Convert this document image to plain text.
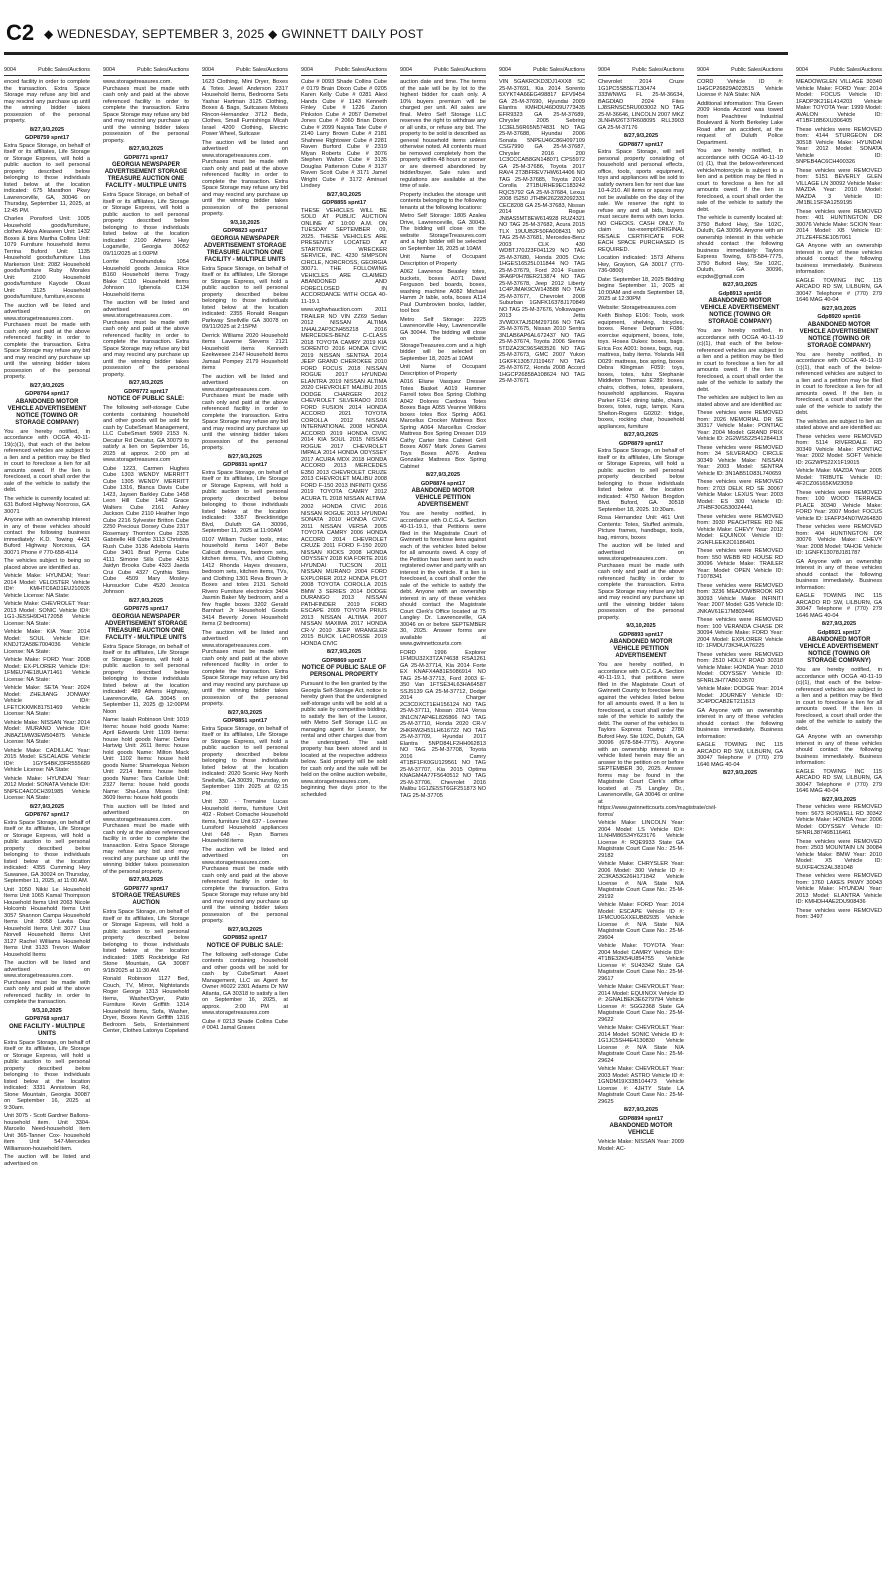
C2 ◆ WEDNESDAY, SEPTEMBER 3, 2025 ◆ GWINNETT DAILY POST
9004	Public Sales/Auctions
enced facility in order to complete the transaction. Extra Space Storage may refuse any bid and may rescind any purchase up until the winning bidder takes possession of the personal property.
8/27,9/3,2025
GDP8759 spnt17
Extra Space Storage, on behalf of itself or its affiliates, Life Storage or Storage Express, will hold a public auction to sell personal property described below belonging to those individuals listed below at the location indicated: 675 Marathon Pkwy Lawrenceville, GA, 30046 on Thursday, September 11, 2025, at 12:45 PM.
Charles Ponsford Unit: 1005 Household goods/furniture, clothes Akiya Aleaseen Unit: 1432 Boxes & bins Martha Collins Unit: 1079 Furniture household items Terrina Buford Unit: 1135 Household goods/furniture Lisa Markerson Unit: 2082 Household goods/furniture Ruby Morales Unit: 2100 Household goods/furniture Kayode Okusi Unit: 3125 Household goods/furniture, furniture,excess
The auction will be listed and advertised on www.storagetreasures.com. Purchases must be made with cash only and paid at the above referenced facility in order to complete the transaction. Extra Space Storage may refuse any bid and may rescind any purchase up until the winning bidder takes possession of the personal property.
8/27,9/3,2025
GDP8764 spnt17
ABANDONED MOTOR VEHICLE ADVERTISEMENT NOTICE (TOWING OR STORAGE COMPANY)
You are hereby notified, in accordance with OCGA 40-11-19(c)(1), that each of the below referenced vehicles are subject to a lien and a petition may be filed in court to foreclose a lien for all amounts owed. If the lien is foreclosed, a court shall order the sale of the vehicle to satisfy the debt.
The vehicle is currently located at: 631 Buford Highway Norcross, GA 30071
Anyone with an ownership interest in any of these vehicles should contact the following business immediately: K.D. Towing 4431 Buford Highway Norcross, GA 30071 Phone # 770-658-4114
The vehicles subject to being so placed above are identified as.
Vehicle Make: HYUNDAI; Year: 2014 Model: VELOSTER Vehicle ID#: KMHTC6AD1EU210935 Vehicle License: NA State:
Vehicle Make: CHEVROLET Year: 2013 Model: SONIC Vehicle ID#: 1G1-JE5SH9D4172058 Vehicle License: NA State:
Vehicle Make: KIA Year: 2014 Model: SOUL Vehicle ID#: KNDJT2A58E7004036 Vehicle License: NA State:
Vehicle Make: FORD Year: 2008 Model: EX-PLORER Vehicle ID#: 1FMEU74E18UA71461 Vehicle License: NA State:
Vehicle Make: SETA Year: 2024 Model: ZHEJIANG JONWAY Vehicle ID#: LFETCKKMK81751469 Vehicle License: NA State:
Vehicle Make: NISSAN Year: 2014 Model: MURANO Vehicle ID#: JN8AZ1MW3EW504875 Vehicle License: NA State:
Vehicle Make: CADILLAC Year: 2015 Model: ESCALADE Vehicle ID#: 1GYS4BKJ3FR555689 Vehicle License: NA State:
Vehicle Make: HYUNDAI Year: 2012 Model: SONATA Vehicle ID#: 5NPEC4AC0CH391985 Vehicle License: NA State:
8/27,9/3,2025
GDP8767 spnt17
Extra Space Storage, on behalf of itself or its affiliates, Life Storage or Storage Express, will hold a public auction to sell personal property described below belonging to those individuals listed below at the location indicated: 4355 Cumming Hwy Suwanee, GA 30024 on Thursday, September 11, 2025, at 11:00 AM.
Unit 1050 Nikki Le Household Items Unit 1065 Kamal Thompson Household Items Unit 2063 Nicole Holcomb Household Items Unit 3057 Shannon Campa Household Items Unit 3058 Lavita Diaz Household Items Unit 3077 Lisa Norvell Household Items Unit 3127 Rachel Williams Household Items Unit 3133 Trevon Walker Household Items
The auction will be listed and advertised on www.storagetreasures.com. Purchases must be made with cash only and paid at the above referenced facility in order to complete the transaction.
9/3,10,2025
GDP8768 spnt17
ONE FACILITY - MULTIPLE UNITS
Extra Space Storage, on behalf of itself or its affiliates, Life Storage or Storage Express, will hold a public auction to sell personal property described below belonging to those individuals listed below at the location indicated: 3331 Annistown Rd, Stone Mountain, Georgia 30087 on September 16, 2025 at 9:30am.
Unit 3075 - Scott Gardner Ballons-household item. Unit 3304- Marcelio Need-household item Unit 365-Tanner Cox- household item Unit 547-Mercedes Williamson-household item.
The auction will be listed and advertised on
9004	Public Sales/Auctions
www.storagetreasures.com. Purchases must be made with cash only and paid at the above referenced facility in order to complete the transaction. Extra Space Storage may refuse any bid and may rescind any purchase up until the winning bidder takes possession of the personal property.
8/27,9/3,2025
GDP8771 spnt17
GEORGIA NEWSPAPER ADVERTISEMENT STORAGE TREASURE AUCTION ONE FACILITY - MULTIPLE UNITS
Extra Space Storage, on behalf of itself or its affiliates, Life Storage or Storage Express, will hold a public auction to sell personal property described below belonging to those individuals listed below at the location indicated: 2100 Athens Hwy Loganville, Georgia 30052 09/11/2025 at 1:00PM
Lorrite Chowhunduku 1054 Household goods Jessica Rice B160 Household items Tragy Blake C110 Household items Johnson Igbenola C134 Household items
The auction will be listed and advertised on www.storagetreasures.com. Purchases must be made with cash only and paid at the above referenced facility in order to complete the transaction. Extra Space Storage may refuse any bid and may rescind any purchase up until the winning bidder takes possession of the personal property.
8/27,9/3,2025
GDP8772 spnt17
NOTICE OF PUBLIC SALE:
The following self-storage Cube contents containing household and other goods will be sold for cash by CubeSmart Management, LLC CubeSmart 5969 2153 N. Decatur Rd Decatur, GA 30079 to satisfy a lien on September 16, 2025 at approx. 2:00 pm at www.storagetreasures.com
Cube 1223, Carmen Hughes Cube 1303 WENDY MERRITT Cube 1305 WENDY MERRITT Cube 1316, Blanca Davis Cube 1423, Jaysen Barkley Cube 1458 Leon Hill Cube 1462 Grace Walters Cube 2161 Ashley Jackson Cube 2110 Heather Ingo Cube 2216 Sylvester Britton Cube 2250 Precious Dorsey Cube 2317 Rosemary Thornton Cube 2335 Gabrielle Hill Cube 3113 Christina Rush Cube 3136 Adebola Harris Cube 3401 Brad Pyrma Cube 4111 Simone Sills Cube 4315 Jaidyn Brooks Cube 4323 Jaeda Crui Cube 4327 Cynthia Sims Cube 4509 Mary Mosley-Hunsucker Cube 4520 Jessica Johnson
8/27,9/3,2025
GDP8775 spnt17
GEORGIA NEWSPAPER ADVERTISEMENT STORAGE TREASURE AUCTION ONE FACILITY - MULTIPLE UNITS
Extra Space Storage, on behalf of itself or its affiliates, Life Storage or Storage Express, will hold a public auction to sell personal property described below belonging to those individuals listed below at the location indicated: 489 Athens Highway, Lawrenceville, GA 30045 on September 11, 2025 @ 12:00PM Noon
Name: Isaiah Robinson Unit: 1019 Items: house hold goods Name: April Edwards Unit: 1109 Items: house hold goods Name: Debra Hartwig Unit: 2611 Items: house hold goods Name: Milton Mack Unit: 1102 Items: house hold goods Name: Shamekqua Nelson Unit: 2214 Items: house hold goods Name: Tara Carlisle Unit: 2327 Items: house hold goods Name: Sha-Lena Moses Unit: 3609 Items: house hold goods
This auction will be listed and advertised on www.storagetreasures.com. Purchases must be made with cash only at the above referenced facility in order to complete the transaction. Extra Space Storage may refuse any bid and may rescind any purchase up until the winning bidder takes possession of the personal property.
8/27,9/3,2025
GDP8777 spnt17
STORAGE TREASURES AUCTION
Extra Space Storage, on behalf of itself or its affiliates, Life Storage or Storage Express, will hold a public auction to sell personal property described below belonging to those individuals listed below at the location indicated: 1985 Rockbridge Rd Stone Mountain, GA 30087 9/18/2025 at 11:30 AM.
Ronald Robinson 1127 Bed, Couch, TV, Mirror, Nightstands Roger George 1313 Household Items, Washer/Dryer, Patio Furniture Kevin Griffith 1314 Household Items, Sofa, Washer, Dryer, Boxes Kevin Griffith 1316 Bedroom Sets, Entertainment Center, Clothes Latonya Copeland
9004	Public Sales/Auctions
1623 Clothing, Mini Dryer, Boxes & Totes Jewel Anderson 2317 Household Items, Bedrooms Sets Yashar Hartman 3125 Clothing, Boxes & Bags, Suitcases Moises Rincon-Hernandez 3712 Beds, Clothes, Small Furnishings Micah Israel 4200 Clothing, Electric Power Wheel, Suitcase
The auction will be listed and advertised on www.storagetreasures.com. Purchases must be made with cash only and paid at the above referenced facility in order to complete the transaction. Extra Space Storage may refuse any bid and may rescind any purchase up until the winning bidder takes possession of the personal property.
9/3,10,2025
GDP8823 spnt17
GEORGIA NEWSPAPER ADVERTISEMENT STORAGE TREASURE AUCTION ONE FACILITY - MULTIPLE UNITS
Extra Space Storage, on behalf of itself or its affiliates, Life Storage or Storage Express, will hold a public auction to sell personal property described below belonging to those individuals listed below at the location indicated: 2355 Ronald Reagan Parkway Snellville GA 30078 on 09/11/2025 at 2:15PM
Derrick Williams 2020 Household items Laverne Stevens 2121 Household items Kenneth Ezekwesee 2147 Household items Jamaal Pompey 2179 Household items
The auction will be listed and advertised on www.storagetreasures.com. Purchases must be made with cash only and paid at the above referenced facility in order to complete the transaction. Extra Space Storage may refuse any bid and may rescind any purchase up until the winning bidder takes possession of the personal property.
8/27,9/3,2025
GDP8831 spnt17
Extra Space Storage, on behalf of itself or its affiliates, Life Storage or Storage Express, will hold a public auction to sell personal property described below belonging to those individuals listed below at the location indicated: 3357 Brecktinridge Blvd, Duluth GA 30096, September 11, 2025 at 11:00AM
0107 William Tucker tools, misc household items 1407 Bebe Calicutt dressers, bedroom sets, kitchen items, TVs, and Clothing 1412 Rhonda Hayes dressers, bedroom sets, kitchen items, TVs, and Clothing 1301 Reva Brown Jr Boxes and totes 2131 Schold Rivero Furniture electronics 3404 Jasmin Baker My bedroom, and a few fragile boxes 3202 Gerald Barnhart Jr Household Goods 3414 Beverly Jones Household items (2 bedrooms)
The auction will be listed and advertised on www.storagetreasures.com. Purchases must be made with cash only and paid at the above referenced facility in order to complete the transaction. Extra Space Storage may refuse any bid and may rescind any purchase up until the winning bidder takes possession of the personal property.
8/27,9/3,2025
GDP8851 spnt17
Extra Space Storage, on behalf of itself or its affiliates, Life Storage or Storage Express, will hold a public auction to sell personal property described below belonging to those individuals listed below at the location indicated: 2020 Scenic Hwy North Snellville, GA 30039, Thursday, on September 11th 2025 at 02:15 PM.
Unit 330 - Tremaine Lucas Household items, furniture Unit 402 - Robert Comache Household items, furniture Unit 637 - Lovenee Lunsford Household appliances Unit 648 - Ryan Barnes Household items
The auction will be listed and advertised on www.storagetreasures.com. Purchases must be made with cash only and paid at the above referenced facility in order to complete the transaction. Extra Space Storage may refuse any bid and may rescind any purchase up until the winning bidder takes possession of the personal property.
8/27,9/3,2025
GDP8852 spnt17
NOTICE OF PUBLIC SALE:
The following self-storage Cube contents containing household and other goods will be sold for cash by CubeSmart Asset Management, LLC as Agent for Owner #6022 2301 Adams Dr NW Atlanta, GA 30318 to satisfy a lien on September 16, 2025, at approx. 2:00 PM at www.storagetreasures.com
Cube # 0213 Shade Collins Cube # 0041 Jamal Graves
9004	Public Sales/Auctions
Cube # 0093 Shade Collins Cube # 0179 Brain Dixon Cube # 0205 Karen Kelly Cube # 0281 Alexi Hands Cube # 1143 Kenneth Finley Cube # 1226 Zarion Pinkston Cube # 2057 Demetrel Jones Cube # 2060 Brian Dixon Cube # 2099 Naysia Tate Cube # 2140 Larry Brown Cube # 2181 Shahnee Rightower Cube # 2281 Raven Burford Cube # 2319 Miyan Roberts Cube # 3076 Stephen Walton Cube # 3135 Douglas Patterson Cube # 3137 Raven Scott Cube # 3171 Jamel Wright Cube # 3172 Aminuel Lindsey
8/27,9/3,2025
GDP8855 spnt17
THESE VEHICLES WILL BE SOLD AT PUBLIC AUCTION ONLINE AT 10:00 A.M. ON TUESDAY SEPTEMBER 09, 2025. THESE VEHICLES ARE PRESENTLY LOCATED AT STARTOWE WRECKER SERVICE, INC. 4230 SIMPSON CIRCLE, NORCROSS, GEORGIA 30071. THE FOLLOWING VEHICLES ARE CLAIMED ABANDONED AND FORECLOSED IN ACCORDANCE WITH OCGA 40-11-19.1
www.wghwhauction.com 2011 TRAILER NO VIN ZZ69 Sedan 2012 NISSAN ALTIMA 1N4AL2AP3CN455218 2016 MERCEDES-BENZ C-CLASS 2018 TOYOTA CAMRY 2019 KIA SORENTO 2016 HONDA CIVIC 2019 NISSAN SENTRA 2014 JEEP GRAND CHEROKEE 2010 FORD FOCUS 2018 NISSAN ROGUE 2017 HYUNDAI ELANTRA 2019 NISSAN ALTIMA 2020 CHEVROLET MALIBU 2015 DODGE CHARGER 2012 CHEVROLET SILVERADO 2016 FORD FUSION 2014 HONDA ACCORD 2021 TOYOTA COROLLA 2012 NISSAN INTERNATIONAL 2008 HONDA ACCORD 2019 HONDA CIVIC 2014 KIA SOUL 2015 NISSAN ROGUE 2017 CHEVROLET IMPALA 2014 HONDA ODYSSEY 2017 ACURA MDX 2018 HONDA ACCORD 2013 MERCEDES E350 2013 CHEVROLET CRUZE 2013 CHEVROLET MALIBU 2008 FORD F-150 2013 INFINITI QX56 2019 TOYOTA CAMRY 2012 ACURA TL 2018 NISSAN ALTIMA
2002 HONDA CIVIC 2016 NISSAN ROGUE 2013 HYUNDAI SONATA 2010 HONDA CIVIC 2011 NISSAN VERSA 2005 TOYOTA CAMRY 2006 HONDA ACCORD 2014 CHEVROLET CRUZE 2011 FORD F-150 2020 NISSAN KICKS 2008 HONDA ODYSSEY 2018 KIA FORTE 2016 HYUNDAI TUCSON 2011 NISSAN MURANO 2004 FORD EXPLORER 2012 HONDA PILOT 2008 TOYOTA COROLLA 2015 BMW 3 SERIES 2014 DODGE DURANGO 2013 NISSAN PATHFINDER 2019 FORD ESCAPE 2009 TOYOTA PRIUS 2013 NISSAN ALTIMA 2007 NISSAN MAXIMA 2017 HONDA CR-V 2010 JEEP WRANGLER 2015 BUICK LACROSSE 2019 HONDA CIVIC
8/27,9/3,2025
GDP8869 spnt17
NOTICE OF PUBLIC SALE OF PERSONAL PROPERTY
Pursuant to the lien granted by the Georgia Self-Storage Act, notice is hereby given that the undersigned self-storage units will be sold at a public sale by competitive bidding, to satisfy the lien of the Lessor, with Metro Self Storage LLC as managing agent for Lessor, for rental and other charges due from the undersigned. The said property has been stored and is located at the respective address below. Said property will be sold for cash only and the sale will be held on the online auction website, www.storagetreasures.com, beginning five days prior to the scheduled
9004	Public Sales/Auctions
auction date and time. The terms of the sale will be by lot to the highest bidder for cash only. A 10% buyers premium will be charged per unit. All sales are final. Metro Self Storage LLC reserves the right to withdraw any or all units, or refuse any bid. The property to be sold is described as general household items unless otherwise noted. All contents must be removed completely from the property within 48 hours or sooner or are deemed abandoned by bidder/buyer. Sale rules and regulations are available at the time of sale.
Property includes the storage unit contents belonging to the following tenants at the following locations:
Metro Self Storage: 1805 Azalea Drive, Lawrenceville, GA 30043. The bidding will close on the website StorageTreasures.com and a high bidder will be selected on September 18, 2025 at 10AM
Unit Name of Occupant Description of Property
A062 Lawrence Beasley totes, buckets, boxes A071 David Ferguson bed boards, boxes, washing machine A082 Michael Hamm Jr table, sofa, boxes A114 Paul Dumbrovien books, ladder, tool box
Metro Self Storage: 2225 Lawrenceville Hwy, Lawrenceville GA 30044. The bidding will close on the website StorageTreasures.com and a high bidder will be selected on September 18, 2025 at 10AM
Unit Name of Occupant Description of Property
A016 Eliane Vasquez Dresser Totes Basket A019 Hammer Farrell totes Box Spring Clothing A042 Dolores Cardova Totes Boxes Bags A055 Veanne Wilkins boxes totes Box Spring A061 Marcellus Crocker Mattress Box Spring A064 Marcellus Crocker Mattress Box Spring Dresser D19 Cathy Carter bins Cabinet Grill Boxes A067 Mark Jones Games Toys Boxes A076 Andrea Gonzalez Mattress Box Spring Cabinet
8/27,9/3,2025
GDP8874 spnt17
ABANDONED MOTOR VEHICLE PETITION ADVERTISEMENT
You are hereby notified, in accordance with O.C.G.A. Section 40-11-19.1, that Petitions were filed in the Magistrate Court of Gwinnett to foreclose liens against each of the vehicles listed below for all amounts owed. A copy of the Petition has been sent to each registered owner and party with an interest in the vehicle. If a lien is foreclosed, a court shall order the sale of the vehicle to satisfy the debt. Anyone with an ownership interest in any of these vehicles should contact the Magistrate Court Clerk's Office located at 75 Langley Dr. Lawrenceville, GA 30046 on or before SEPTEMBER 30, 2025. Answer forms are available at www.gwinnettcourts.com
FORD 1996 Explorer 1FMDU32X3TZA74638 RSA1261 GA 25-M-37714, Kia 2014 Forte EX KNAFX4A81E5086914 NO TAG 25-M-37713, Ford 2003 E-350 Van 1FTSE34L63HA64587 SSJ5139 GA 25-M-37712, Dodge 2014 Charger 2C3CDXCT1EH156124 NO TAG 25-M-37711, Nissan 2014 Versa 3N1CN7AP4EL826866 NO TAG 25-M-37710, Honda 2020 CR-V 2HKRW2H51LH616722 NO TAG 25-M-37709, Hyundai 2017 Elantra 5NPD84LF2HH062813 NO TAG 25-M-37708, Toyota 2016 Camry 4T1BF1FK0GU129561 NO TAG 25-M-37707, Kia 2015 Optima KNAGM4A77F5640512 NO TAG 25-M-37706, Chevrolet 2016 Malibu 1G1ZE5ST6GF251873 NO TAG 25-M-37705
9004	Public Sales/Auctions
VIN 5GAKRCKD3DJ14XX8 SC 25-M-37691, Kia 2014 Sorento 5XYKT4A66EG498817 EFV9454 GA 25-M-37690, Hyundai 2009 Elantra KMHDU46D09U773435 EFR9323 GA 25-M-37689, Chrysler 2005 Sebring 1C3EL56R65N574831 NO TAG 25-M-37688, Hyundai 2006 Sonata 5NPEU46C86H097109 CSG7990 GA 25-M-37687, Chrysler 2016 200 1C3CCCAB8GN148071 CPS5972 GA 25-M-37686, Toyota 2017 RAV4 2T3BFREV7HW614406 NO TAG 25-M-37685, Toyota 2014 Corolla 2T1BURHE9EC183242 RQC5792 GA 25-M-37684, Lexus 2008 IS250 JTHBK262282092331 CEC8208 GA 25-M-37683, Nissan 2014 Rogue JN8AS5MT8EW614928 RUZ4321 NO TAG 25-M-37682, Acura 2015 TLX 19UUB2F50FA008431 NO TAG 25-M-37681, Mercedes-Benz 2003 CLK 430 WDBTJ70J23F041129 NO TAG 25-M-37680, Honda 2005 Civic 1HGES16525L011844 NO TAG 25-M-37679, Ford 2014 Fusion 3FA6P0H78ER213874 NO TAG 25-M-37678, Jeep 2012 Liberty 1C4PJMAK9CW143588 NO TAG 25-M-37677, Chevrolet 2008 Suburban 1GNFK16378J170849 NO TAG 25-M-37676, Volkswagen 2013 Jetta 3VWDX7AJ5DM297166 NO TAG 25-M-37675, Nissan 2010 Sentra 3N1AB6AP6AL672437 NO TAG 25-M-37674, Toyota 2006 Sienna 5TDZA23C96S483526 NO TAG 25-M-37673, GMC 2007 Yukon 1GKFK13057J119467 NO TAG 25-M-37672, Honda 2008 Accord 1HGCP26858A108624 NO TAG 25-M-37671
9004	Public Sales/Auctions
Chevrolet 2014 Cruze 1G1PC5SB5E7130474 333WNWG FL 25-M-36634, BAGDIAD 2024 Files LJ8SRNSC5RU003002 NO TAG 25-M-36646, LINCOLN 2007 MKZ 3LNHM26T37R608095 RLL3903 GA 25-M-37176
8/27,9/3,2025
GDP8877 spnt17
Extra Space Storage, will sell personal property consisting of household and personal effects, office, tools, sports equipment, toys and appliances will be sold to satisfy owners lien for rent due law 10-4-210. All items or spaces may not be available on the day of the sale. We reserve the right to refuse any and all bids, buyers must secure items with own locks. NO CHECKS. CASH ONLY. To claim tax-exempt/ORIGINAL RESALE CERTIFICATE FOR EACH SPACE PURCHASED IS REQUIRED.
Location indicated: 1573 Athens Hwy, Grayson, GA 30017 (770-736-0800)
Date: September 18, 2025 Bidding begins September 11, 2025 at 10:00AM and ends September 18, 2025 at 12:30PM
Website: Storagetreasures.com
Keith Bishop E106: Tools, work equipment, shelving, bicycles, boxes. Renee Debnam F086: exercise equipment, boxes, tote, toys. Hosea Dukes: boxes, bags. Erica Fox A001: boxes, bags, rug, mattress, baby items. Yolanda Hill D029: mattress, box spring, boxes Debra Klingman F059: toys, boxes, totes, tubs Stephanie Middleton Thomas E289: boxes, chairs, clothes, totes, speakers, household appliances. Rayana Parker F114: dining table, chairs, boxes, totes, rugs, lamps. Kara Shelton-Rogers G0202: fridge, boxes, rocking chair, household appliances, furniture
8/27,9/3,2025
GDP8879 spnt17
Extra Space Storage, on behalf of itself or its affiliates, Life Storage or Storage Express, will hold a public auction to sell personal property described below belonging to those individuals listed below at the location indicated: 4750 Nelson Brogdon Blvd. Buford, GA. 30518 September 18, 2025. 10:30am.
Rosa Hernandez Unit: 461 Unit Contents: Totes, Stuffed animals, Picture frames, handbags, tools, bag, mirrors, boxes
The auction will be listed and advertised on www.storagetreasures.com. Purchases must be made with cash only and paid at the above referenced facility in order to complete the transaction. Extra Space Storage may refuse any bid and may rescind any purchase up until the winning bidder takes possession of the personal property.
9/3,10,2025
GDP8893 spnt17
ABANDONED MOTOR VEHICLE PETITION ADVERTISEMENT
You are hereby notified, in accordance with O.C.G.A. Section 40-11-19.1, that petitions were filed in the Magistrate Court of Gwinnett County to foreclose liens against the vehicles listed below for all amounts owed. If a lien is foreclosed, a court shall order the sale of the vehicle to satisfy the debt. The owner of the vehicles is Taylors Express Towing: 2780 Buford Hwy. Ste 102C, Duluth, GA 30096 (678-584-7775). Anyone with an ownership interest in a vehicle listed herein may file an answer to the petition on or before SEPTEMBER 30, 2025. Answer forms may be found in the Magistrate Court Clerk's office located at 75 Langley Dr., Lawrenceville, GA 30046 or online at https://www.gwinnettcourts.com/magistrate/civil-forms/
Vehicle Make: LINCOLN Year: 2004 Model: LS Vehicle ID#: 1LNHM86S34Y623176 Vehicle License #: RQE9933 State GA Magistrate Court Case No.: 25-M-29182
Vehicle Make: CHRYSLER Year: 2006 Model: 300 Vehicle ID #: 2C3KA53G26H171842 Vehicle License #: N/A State N/A Magistrate Court Case No.: 25-M-29192
Vehicle Make: FORD Year: 2014 Model: ESCAPE Vehicle ID #: 1FMCU0GXXEUB82935 Vehicle License #: N/A State N/A Magistrate Court Case No.: 25-M-29604
Vehicle Make: TOYOTA Year: 2004 Model: CAMRY Vehicle ID#: 4T1BE32K54U854755 Vehicle License #: SU43342 State GA Magistrate Court Case No.: 25-M-29617
Vehicle Make: CHEVROLET Year: 2014 Model: EQUINOX Vehicle ID #: 2GNALBEK3E6279794 Vehicle License #: SGG2368 State GA Magistrate Court Case No.: 25-M-29622
Vehicle Make: CHEVROLET Year: 2014 Model: SONIC Vehicle ID #: 1G1JC5SH4E4130830 Vehicle License #: N/A State N/A Magistrate Court Case No.: 25-M-29624
Vehicle Make: CHEVROLET Year: 2003 Model: ASTRO Vehicle ID #: 1GNDM19X33B104473 Vehicle License #: 4JHTY State LA Magistrate Court Case No.: 25-M-29625
8/27,9/3,2025
GDP8894 spnt17
ABANDONED MOTOR VEHICLE
Vehicle Make: NISSAN Year: 2009 Model: AC-
9004	Public Sales/Auctions
CORD Vehicle ID #: 1HGCP26829A023515 Vehicle License #: N/A State: N/A
Additional information: This Green 2009 Honda Accord was towed from Peachtree Industrial Boulevard & North Berkeley Lake Road after an accident, at the request of Duluth Police Department.
You are hereby notified, in accordance with OCGA 40-11-19 (c) (1), that the below-referenced vehicle/motorcycle is subject to a lien and a petition may be filed in court to foreclose a lien for all amounts owed. If the lien is foreclosed, a court shall order the sale of the vehicle to satisfy the debt.
The vehicle is currently located at: 3750 Buford Hwy, Ste 102C, Duluth, GA 30096. Anyone with an ownership interest in this vehicle should contact the following business immediately: Taylors Express Towing, 678-584-7775, 3750 Buford Hwy, Ste 102C, Duluth, GA 30096, ecpdw@gmail.com
8/27,9/3,2025
Gdp8913 spnt16
ABANDONED MOTOR VEHICLE ADVERTISEMENT NOTICE (TOWING OR STORAGE COMPANY)
You are hereby notified, in accordance with OCGA 40-11-19 (c)(1), that each of the below-referenced vehicles are subject to a lien and a petition may be filed in court to foreclose a lien for all amounts owed. If the lien is foreclosed, a court shall order the sale of the vehicle to satisfy the debt.
The vehicles are subject to lien as stated above and are identified as:
These vehicles were REMOVED from: 2026 MEMORIAL DR SE 30317 Vehicle Make: PONTIAC Year: 2004 Model: GRAND PRIX Vehicle ID: 2G2WS522541284413
These vehicles were REMOVED from: 34 SILVERADO CIRCLE 30349 Vehicle Make: NISSAN Year: 2003 Model: SENTRA Vehicle ID: 3N1AB51D83L740659
These vehicles were REMOVED from: 2703 DELK RD SE 30067 Vehicle Make: LEXUS Year: 2003 Model: ES 300 Vehicle ID: JTHBF30G530024441
These vehicles were REMOVED from: 3930 PEACHTREE RD NE Vehicle Make: CHEVY Year: 2012 Model: EQUINOX Vehicle ID: 2GNFLEEK2C6186401
These vehicles were REMOVED from: 550 WEBB RD HOUSE RD 30096 Vehicle Make: TRAILER Year: Model: OPEN Vehicle ID: T1078341
These vehicles were REMOVED from: 3236 MEADOWBROOK RD 30093 Vehicle Make: INFINITI Year: 2007 Model: G35 Vehicle ID: JNKAV61E17M803446
These vehicles were REMOVED from: 100 VERANDA CHASE DR 30094 Vehicle Make: FORD Year: 2004 Model: EXPLORER Vehicle ID: 1FMDU73K34UA76225
These vehicles were REMOVED from: 2510 HOLLY ROAD 30318 Vehicle Make: HONDA Year: 2010 Model: ODYSSEY Vehicle ID: 5FNRL3H77AB013570
Vehicle Make: DODGE Year: 2014 Model: JOURNEY Vehicle ID: 3C4PDCAB2ET211513
GA Anyone with an ownership interest in any of these vehicles should contact the following business immediately. Business information:
EAGLE TOWING INC 115 ARCADO RD SW, LILBURN, GA 30047 Telephone # (770) 279 1646 MAG 40-04
8/27,9/3,2025
9004	Public Sales/Auctions
MEADOWGLEN VILLAGE 30340 Vehicle Make: FORD Year: 2014 Model: FOCUS Vehicle ID: 1FADP3K21EL414203 Vehicle Make: TOYOTA Year: 1999 Model: AVALON Vehicle ID: 4T1BF18B6XU306405
These vehicles were REMOVED from: 4144 STURGEON DR 30518 Vehicle Make: HYUNDAI Year: 2012 Model: SONATA Vehicle ID: 5NPEB4AC6CH400326
These vehicles were REMOVED from: 5151 BEVERLY GLEN VILLAGE LN 30092 Vehicle Make: MAZDA Year: 2010 Model: MAZDA 3 Vehicle ID: JM1BL1SF3A1259195
These vehicles were REMOVED from: 401 HUNTINGTON DR 30076 Vehicle Make: SCION Year: 2014 Model: XB Vehicle ID: JTLZE4FE5E1057061
GA Anyone with an ownership interest in any of these vehicles should contact the following business immediately. Business information:
EAGLE TOWING INC 115 ARCADO RD SW, LILBURN, GA 30047 Telephone # (770) 279 1646 MAG 40-04
8/27,9/3,2025
Gdp8920 spnt16
ABANDONED MOTOR VEHICLE ADVERTISEMENT NOTICE (TOWING OR STORAGE COMPANY)
You are hereby notified, in accordance with OCGA 40-11-19 (c)(1), that each of the below-referenced vehicles are subject to a lien and a petition may be filed in court to foreclose a lien for all amounts owed. If the lien is foreclosed, a court shall order the sale of the vehicle to satisfy the debt.
The vehicles are subject to lien as stated above and are identified as:
These vehicles were REMOVED from: 5114 RIVERDALE RD 30349 Vehicle Make: PONTIAC Year: 2002 Model: SOFT Vehicle ID: 2G2WP522X1F19015
Vehicle Make: MAZDA Year: 2005 Model: TRIBUTE Vehicle ID: 4F2CZ06165KM23059
These vehicles were REMOVED from: 100 WOOD TERRACE PLACE 30340 Vehicle Make: FORD Year: 2007 Model: FOCUS Vehicle ID: 1FAFP34N07W264830
These vehicles were REMOVED from: 404 HUNTINGTON DR 30076 Vehicle Make: CHEVY Year: 2008 Model: TAHOE Vehicle ID: 1GNFK13078J181787
GA Anyone with an ownership interest in any of these vehicles should contact the following business immediately. Business information:
EAGLE TOWING INC 115 ARCADO RD SW, LILBURN, GA 30047 Telephone # (770) 279 1646 MAG 40-04
8/27,9/3,2025
Gdp8921 spnt17
ABANDONED MOTOR VEHICLE ADVERTISEMENT NOTICE (TOWING OR STORAGE COMPANY)
You are hereby notified, in accordance with OCGA 40-11-19 (c)(1), that each of the below-referenced vehicles are subject to a lien and a petition may be filed in court to foreclose a lien for all amounts owed. If the lien is foreclosed, a court shall order the sale of the vehicle to satisfy the debt.
GA Anyone with an ownership interest in any of these vehicles should contact the following business immediately. Business information:
EAGLE TOWING INC 115 ARCADO RD SW, LILBURN, GA 30047 Telephone # (770) 279 1646 MAG 40-04
8/27,9/3,2025
These vehicles were REMOVED from: 5673 ROSWELL RD 30342 Vehicle Make: HONDA Year: 2006 Model: ODYSSEY Vehicle ID: 5FNRL38746B116461
These vehicles were REMOVED from: 2503 MOUNTAIN LN 30084 Vehicle Make: BMW Year: 2010 Model: X5 Vehicle ID: 5UXFE4C52AL381048
These vehicles were REMOVED from: 1760 LAKES PKWY 30043 Vehicle Make: HYUNDAI Year: 2013 Model: ELANTRA Vehicle ID: KMHDH4AE2DU908436
These vehicles were REMOVED from: 3497
